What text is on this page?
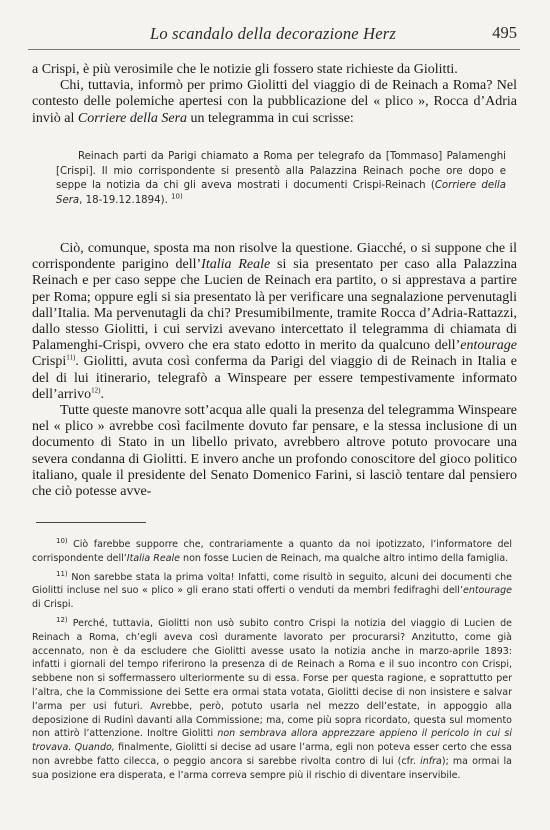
Lo scandalo della decorazione Herz	495

a Crispi, è più verosimile che le notizie gli fossero state richieste da Giolitti.

Chi, tuttavia, informò per primo Giolitti del viaggio di de Reinach a Roma? Nel contesto delle polemiche apertesi con la pubblicazione del « plico », Rocca d’Adria inviò al Corriere della Sera un telegramma in cui scrisse:

Reinach parti da Parigi chiamato a Roma per telegrafo da [Tommaso] Palamenghi [Crispi]. Il mio corrispondente si presentò alla Palazzina Reinach poche ore dopo e seppe la notizia da chi gli aveva mostrati i documenti Crispi-Reinach (Corriere della Sera, 18-19.12.1894). $^{10)}$

Ciò, comunque, sposta ma non risolve la questione. Giacché, o si suppone che il corrispondente parigino dell’Italia Reale si sia presentato per caso alla Palazzina Reinach e per caso seppe che Lucien de Reinach era partito, o si apprestava a partire per Roma; oppure egli si sia presentato là per verificare una segnalazione pervenutagli dall’Italia. Ma pervenutagli da chi? Presumibilmente, tramite Rocca d’Adria-Rattazzi, dallo stesso Giolitti, i cui servizi avevano intercettato il telegramma di chiamata di Palamenghi-Crispi, ovvero che era stato edotto in merito da qualcuno dell’entourage Crispi$^{11)}$. Giolitti, avuta così conferma da Parigi del viaggio di de Reinach in Italia e del di lui itinerario, telegrafò a Winspeare per essere tempestivamente informato dell’arrivo$^{12)}$.

Tutte queste manovre sott’acqua alle quali la presenza del telegramma Winspeare nel « plico » avrebbe così facilmente dovuto far pensare, e la stessa inclusione di un documento di Stato in un libello privato, avrebbero altrove potuto provocare una severa condanna di Giolitti. E invero anche un profondo conoscitore del gioco politico italiano, quale il presidente del Senato Domenico Farini, si lasciò tentare dal pensiero che ciò potesse avve-

$^{10)}$ Ciò farebbe supporre che, contrariamente a quanto da noi ipotizzato, l’informatore del corrispondente dell’Italia Reale non fosse Lucien de Reinach, ma qualche altro intimo della famiglia.

$^{11)}$ Non sarebbe stata la prima volta! Infatti, come risultò in seguito, alcuni dei documenti che Giolitti incluse nel suo « plico » gli erano stati offerti o venduti da membri fedifraghi dell’entourage di Crispi.

$^{12)}$ Perché, tuttavia, Giolitti non usò subito contro Crispi la notizia del viaggio di Lucien de Reinach a Roma, ch’egli aveva così duramente lavorato per procurarsi? Anzitutto, come già accennato, non è da escludere che Giolitti avesse usato la notizia anche in marzo-aprile 1893: infatti i giornali del tempo riferirono la presenza di de Reinach a Roma e il suo incontro con Crispi, sebbene non si soffermassero ulteriormente su di essa. Forse per questa ragione, e soprattutto per l’altra, che la Commissione dei Sette era ormai stata votata, Giolitti decise di non insistere e salvar l’arma per usi futuri. Avrebbe, però, potuto usarla nel mezzo dell’estate, in appoggio alla deposizione di Rudinì davanti alla Commissione; ma, come più sopra ricordato, questa sul momento non attirò l’attenzione. Inoltre Giolitti non sembrava allora apprezzare appieno il pericolo in cui si trovava. Quando, finalmente, Giolitti si decise ad usare l’arma, egli non poteva esser certo che essa non avrebbe fatto cilecca, o peggio ancora si sarebbe rivolta contro di lui (cfr. infra); ma ormai la sua posizione era disperata, e l’arma correva sempre più il rischio di diventare inservibile.
